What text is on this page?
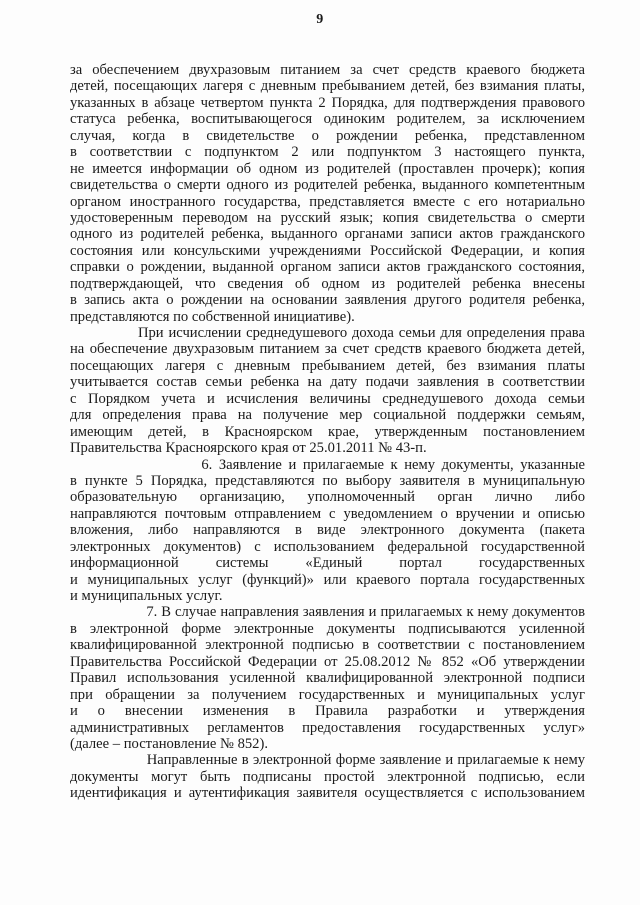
9
за обеспечением двухразовым питанием за счет средств краевого бюджета
детей, посещающих лагеря с дневным пребыванием детей, без взимания платы,
указанных в абзаце четвертом пункта 2 Порядка, для подтверждения правового
статуса ребенка, воспитывающегося одиноким родителем, за исключением
случая, когда в свидетельстве о рождении ребенка, представленном
в соответствии с подпунктом 2 или подпунктом 3 настоящего пункта,
не имеется информации об одном из родителей (проставлен прочерк); копия
свидетельства о смерти одного из родителей ребенка, выданного компетентным
органом иностранного государства, представляется вместе с его нотариально
удостоверенным переводом на русский язык; копия свидетельства о смерти
одного из родителей ребенка, выданного органами записи актов гражданского
состояния или консульскими учреждениями Российской Федерации, и копия
справки о рождении, выданной органом записи актов гражданского состояния,
подтверждающей, что сведения об одном из родителей ребенка внесены
в запись акта о рождении на основании заявления другого родителя ребенка,
представляются по собственной инициативе).
При исчислении среднедушевого дохода семьи для определения права
на обеспечение двухразовым питанием за счет средств краевого бюджета детей,
посещающих лагеря с дневным пребыванием детей, без взимания платы
учитывается состав семьи ребенка на дату подачи заявления в соответствии
с Порядком учета и исчисления величины среднедушевого дохода семьи
для определения права на получение мер социальной поддержки семьям,
имеющим детей, в Красноярском крае, утвержденным постановлением
Правительства Красноярского края от 25.01.2011 № 43-п.
6. Заявление и прилагаемые к нему документы, указанные
в пункте 5 Порядка, представляются по выбору заявителя в муниципальную
образовательную организацию, уполномоченный орган лично либо
направляются почтовым отправлением с уведомлением о вручении и описью
вложения, либо направляются в виде электронного документа (пакета
электронных документов) с использованием федеральной государственной
информационной системы «Единый портал государственных
и муниципальных услуг (функций)» или краевого портала государственных
и муниципальных услуг.
7. В случае направления заявления и прилагаемых к нему документов
в электронной форме электронные документы подписываются усиленной
квалифицированной электронной подписью в соответствии с постановлением
Правительства Российской Федерации от 25.08.2012 № 852 «Об утверждении
Правил использования усиленной квалифицированной электронной подписи
при обращении за получением государственных и муниципальных услуг
и о внесении изменения в Правила разработки и утверждения
административных регламентов предоставления государственных услуг»
(далее – постановление № 852).
Направленные в электронной форме заявление и прилагаемые к нему
документы могут быть подписаны простой электронной подписью, если
идентификация и аутентификация заявителя осуществляется с использованием
